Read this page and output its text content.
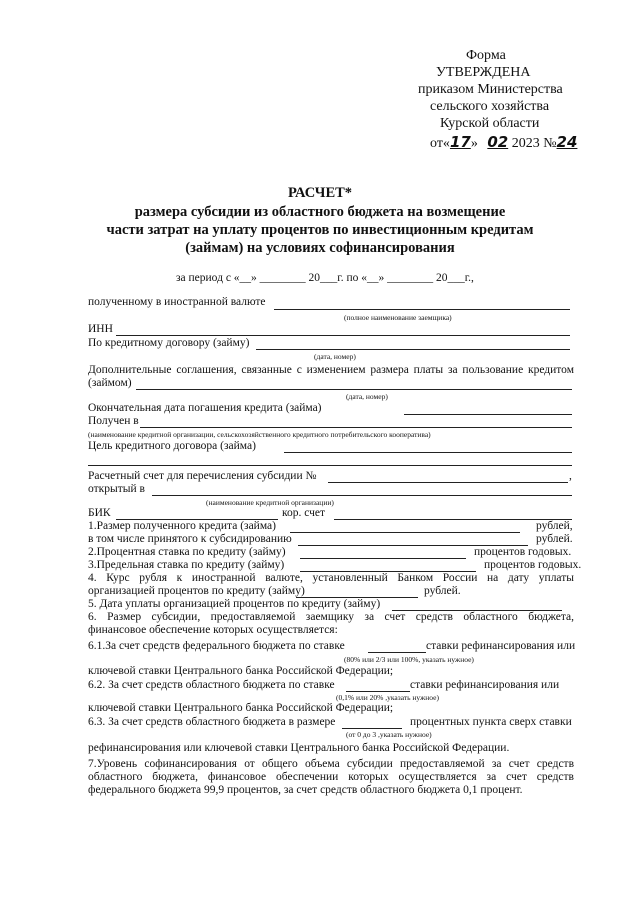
Форма
УТВЕРЖДЕНА
приказом Министерства
сельского хозяйства
Курской области
от«17» 02 2023 №24
РАСЧЕТ*
размера субсидии из областного бюджета на возмещение
части затрат на уплату процентов по инвестиционным кредитам
(займам) на условиях софинансирования
за период с «__» ________ 20___г. по «__» ________ 20___г.,
полученному в иностранной валюте
(полное наименование заемщика)
ИНН
По кредитному договору (займу)
(дата, номер)
Дополнительные соглашения, связанные с изменением размера платы за пользование кредитом
(займом)
(дата, номер)
Окончательная дата погашения кредита (займа)
Получен в
(наименование кредитной организации, сельскохозяйственного кредитного потребительского кооператива)
Цель кредитного договора (займа)
Расчетный счет для перечисления субсидии №	,
открытый в
(наименование кредитной организации)
БИК	кор. счет
1.Размер полученного кредита (займа)	рублей,
в том числе принятого к субсидированию	рублей.
2.Процентная ставка по кредиту (займу)	процентов годовых.
3.Предельная ставка по кредиту (займу)	процентов годовых.
4. Курс рубля к иностранной валюте, установленный Банком России на дату уплаты
организацией процентов по кредиту (займу)	рублей.
5. Дата уплаты организацией процентов по кредиту (займу)
6. Размер субсидии, предоставляемой заемщику за счет средств областного бюджета,
финансовое обеспечение которых осуществляется:
6.1.За счет средств федерального бюджета по ставке	ставки рефинансирования или
(80% или 2/3 или 100%, указать нужное)
ключевой ставки Центрального банка Российской Федерации;
6.2. За счет средств областного бюджета по ставке	ставки рефинансирования или
(0,1% или 20% ,указать нужное)
ключевой ставки Центрального банка Российской Федерации;
6.3. За счет средств областного бюджета в размере	процентных пункта сверх ставки
(от 0 до 3 ,указать нужное)
рефинансирования или ключевой ставки Центрального банка Российской Федерации.
7.Уровень софинансирования от общего объема субсидии предоставляемой за счет средств
областного бюджета, финансовое обеспечении которых осуществляется за счет средств
федерального бюджета 99,9 процентов, за счет средств областного бюджета 0,1 процент.
